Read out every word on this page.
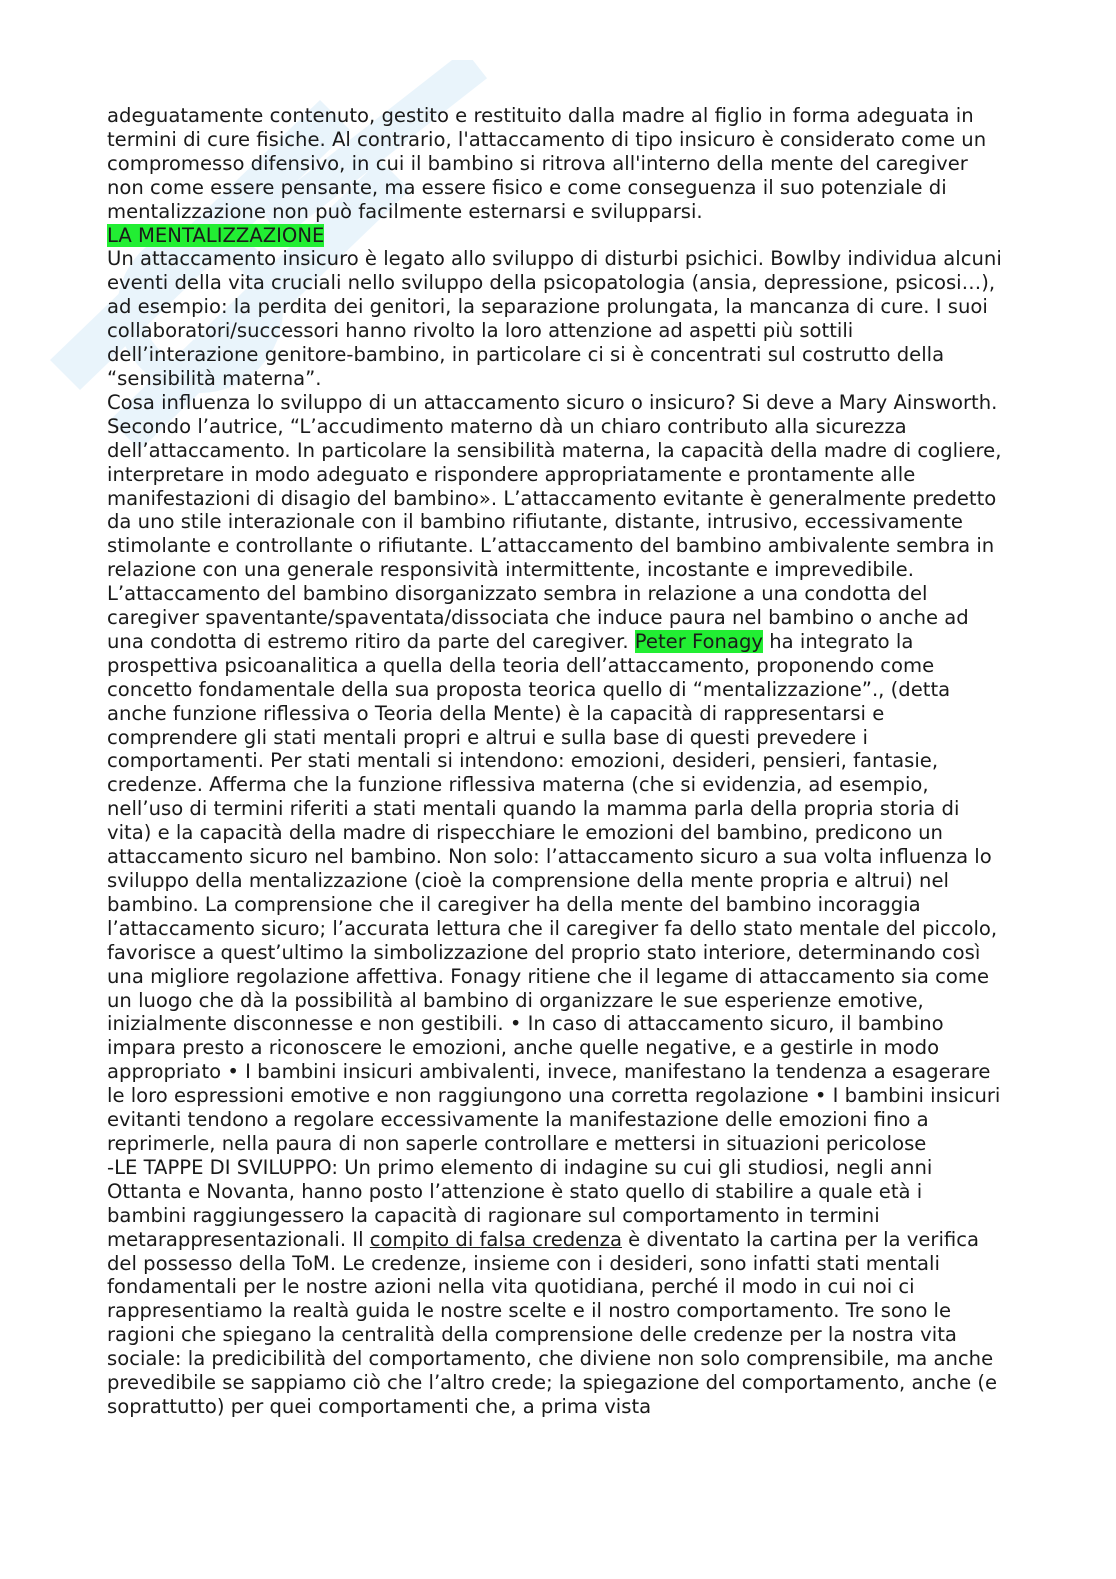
adeguatamente contenuto, gestito e restituito dalla madre al figlio in forma adeguata in termini di cure fisiche. Al contrario, l'attaccamento di tipo insicuro è considerato come un compromesso difensivo, in cui il bambino si ritrova all'interno della mente del caregiver non come essere pensante, ma essere fisico e come conseguenza il suo potenziale di mentalizzazione non può facilmente esternarsi e svilupparsi.

LA MENTALIZZAZIONE

Un attaccamento insicuro è legato allo sviluppo di disturbi psichici. Bowlby individua alcuni eventi della vita cruciali nello sviluppo della psicopatologia (ansia, depressione, psicosi…), ad esempio: la perdita dei genitori, la separazione prolungata, la mancanza di cure. I suoi collaboratori/successori hanno rivolto la loro attenzione ad aspetti più sottili dell’interazione genitore-bambino, in particolare ci si è concentrati sul costrutto della “sensibilità materna”.

Cosa influenza lo sviluppo di un attaccamento sicuro o insicuro? Si deve a Mary Ainsworth. Secondo l’autrice, “L’accudimento materno dà un chiaro contributo alla sicurezza dell’attaccamento. In particolare la sensibilità materna, la capacità della madre di cogliere, interpretare in modo adeguato e rispondere appropriatamente e prontamente alle manifestazioni di disagio del bambino». L’attaccamento evitante è generalmente predetto da uno stile interazionale con il bambino rifiutante, distante, intrusivo, eccessivamente stimolante e controllante o rifiutante. L’attaccamento del bambino ambivalente sembra in relazione con una generale responsività intermittente, incostante e imprevedibile. L’attaccamento del bambino disorganizzato sembra in relazione a una condotta del caregiver spaventante/spaventata/dissociata che induce paura nel bambino o anche ad una condotta di estremo ritiro da parte del caregiver. Peter Fonagy ha integrato la prospettiva psicoanalitica a quella della teoria dell’attaccamento, proponendo come concetto fondamentale della sua proposta teorica quello di “mentalizzazione”., (detta anche funzione riflessiva o Teoria della Mente) è la capacità di rappresentarsi e comprendere gli stati mentali propri e altrui e sulla base di questi prevedere i comportamenti. Per stati mentali si intendono: emozioni, desideri, pensieri, fantasie, credenze. Afferma che la funzione riflessiva materna (che si evidenzia, ad esempio, nell’uso di termini riferiti a stati mentali quando la mamma parla della propria storia di vita) e la capacità della madre di rispecchiare le emozioni del bambino, predicono un attaccamento sicuro nel bambino. Non solo: l’attaccamento sicuro a sua volta influenza lo sviluppo della mentalizzazione (cioè la comprensione della mente propria e altrui) nel bambino. La comprensione che il caregiver ha della mente del bambino incoraggia l’attaccamento sicuro; l’accurata lettura che il caregiver fa dello stato mentale del piccolo, favorisce a quest’ultimo la simbolizzazione del proprio stato interiore, determinando così una migliore regolazione affettiva. Fonagy ritiene che il legame di attaccamento sia come un luogo che dà la possibilità al bambino di organizzare le sue esperienze emotive, inizialmente disconnesse e non gestibili. • In caso di attaccamento sicuro, il bambino impara presto a riconoscere le emozioni, anche quelle negative, e a gestirle in modo appropriato • I bambini insicuri ambivalenti, invece, manifestano la tendenza a esagerare le loro espressioni emotive e non raggiungono una corretta regolazione • I bambini insicuri evitanti tendono a regolare eccessivamente la manifestazione delle emozioni fino a reprimerle, nella paura di non saperle controllare e mettersi in situazioni pericolose

-LE TAPPE DI SVILUPPO: Un primo elemento di indagine su cui gli studiosi, negli anni Ottanta e Novanta, hanno posto l’attenzione è stato quello di stabilire a quale età i bambini raggiungessero la capacità di ragionare sul comportamento in termini metarappresentazionali. Il compito di falsa credenza è diventato la cartina per la verifica del possesso della ToM. Le credenze, insieme con i desideri, sono infatti stati mentali fondamentali per le nostre azioni nella vita quotidiana, perché il modo in cui noi ci rappresentiamo la realtà guida le nostre scelte e il nostro comportamento. Tre sono le ragioni che spiegano la centralità della comprensione delle credenze per la nostra vita sociale: la predicibilità del comportamento, che diviene non solo comprensibile, ma anche prevedibile se sappiamo ciò che l’altro crede; la spiegazione del comportamento, anche (e soprattutto) per quei comportamenti che, a prima vista
